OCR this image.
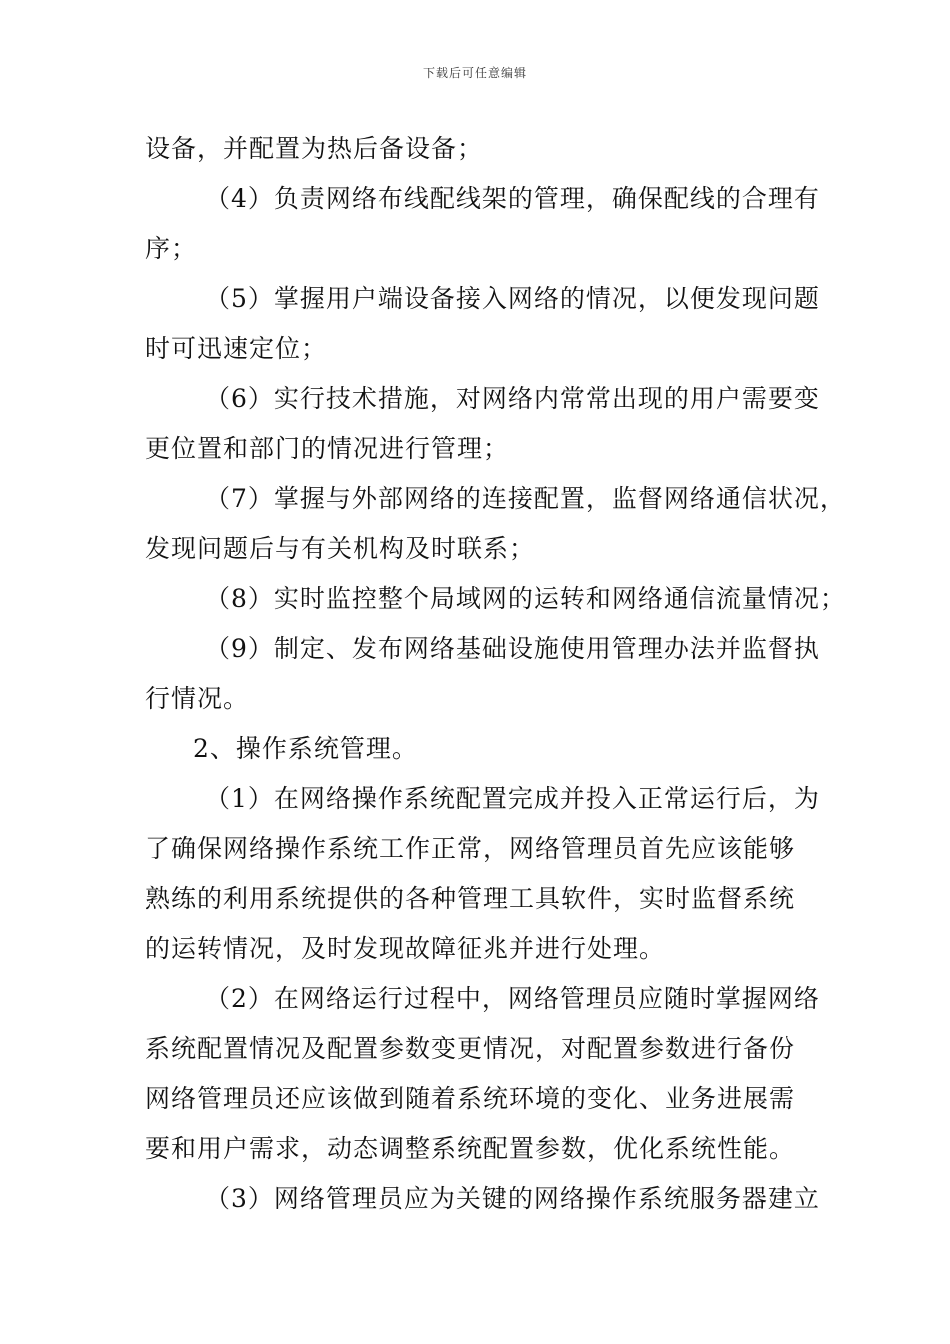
下载后可任意编辑
设备，并配置为热后备设备；
（4）负责网络布线配线架的管理，确保配线的合理有
序；
（5）掌握用户端设备接入网络的情况，以便发现问题
时可迅速定位；
（6）实行技术措施，对网络内常常出现的用户需要变
更位置和部门的情况进行管理；
（7）掌握与外部网络的连接配置，监督网络通信状况，
发现问题后与有关机构及时联系；
（8）实时监控整个局域网的运转和网络通信流量情况；
（9）制定、发布网络基础设施使用管理办法并监督执
行情况。
2、操作系统管理。
（1）在网络操作系统配置完成并投入正常运行后，为
了确保网络操作系统工作正常，网络管理员首先应该能够
熟练的利用系统提供的各种管理工具软件，实时监督系统
的运转情况，及时发现故障征兆并进行处理。
（2）在网络运行过程中，网络管理员应随时掌握网络
系统配置情况及配置参数变更情况，对配置参数进行备份
网络管理员还应该做到随着系统环境的变化、业务进展需
要和用户需求，动态调整系统配置参数，优化系统性能。
（3）网络管理员应为关键的网络操作系统服务器建立
